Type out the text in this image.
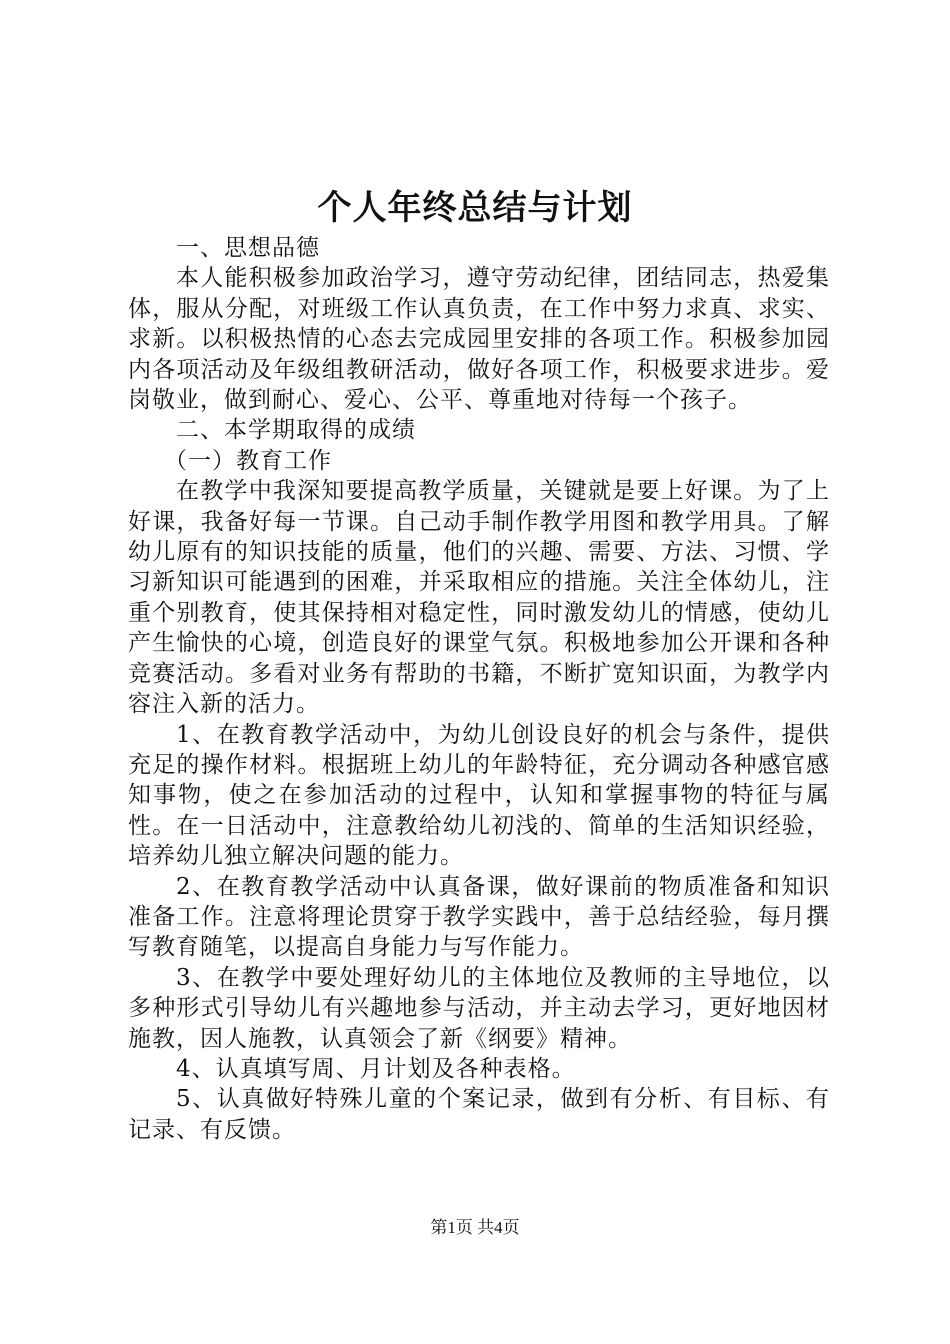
个人年终总结与计划

一、思想品德

本人能积极参加政治学习，遵守劳动纪律，团结同志，热爱集体，服从分配，对班级工作认真负责，在工作中努力求真、求实、求新。以积极热情的心态去完成园里安排的各项工作。积极参加园内各项活动及年级组教研活动，做好各项工作，积极要求进步。爱岗敬业，做到耐心、爱心、公平、尊重地对待每一个孩子。

二、本学期取得的成绩

（一）教育工作

在教学中我深知要提高教学质量，关键就是要上好课。为了上好课，我备好每一节课。自己动手制作教学用图和教学用具。了解幼儿原有的知识技能的质量，他们的兴趣、需要、方法、习惯、学习新知识可能遇到的困难，并采取相应的措施。关注全体幼儿，注重个别教育，使其保持相对稳定性，同时激发幼儿的情感，使幼儿产生愉快的心境，创造良好的课堂气氛。积极地参加公开课和各种竞赛活动。多看对业务有帮助的书籍，不断扩宽知识面，为教学内容注入新的活力。

1、在教育教学活动中，为幼儿创设良好的机会与条件，提供充足的操作材料。根据班上幼儿的年龄特征，充分调动各种感官感知事物，使之在参加活动的过程中，认知和掌握事物的特征与属性。在一日活动中，注意教给幼儿初浅的、简单的生活知识经验，培养幼儿独立解决问题的能力。

2、在教育教学活动中认真备课，做好课前的物质准备和知识准备工作。注意将理论贯穿于教学实践中，善于总结经验，每月撰写教育随笔，以提高自身能力与写作能力。

3、在教学中要处理好幼儿的主体地位及教师的主导地位，以多种形式引导幼儿有兴趣地参与活动，并主动去学习，更好地因材施教，因人施教，认真领会了新《纲要》精神。

4、认真填写周、月计划及各种表格。

5、认真做好特殊儿童的个案记录，做到有分析、有目标、有记录、有反馈。

第1页 共4页
